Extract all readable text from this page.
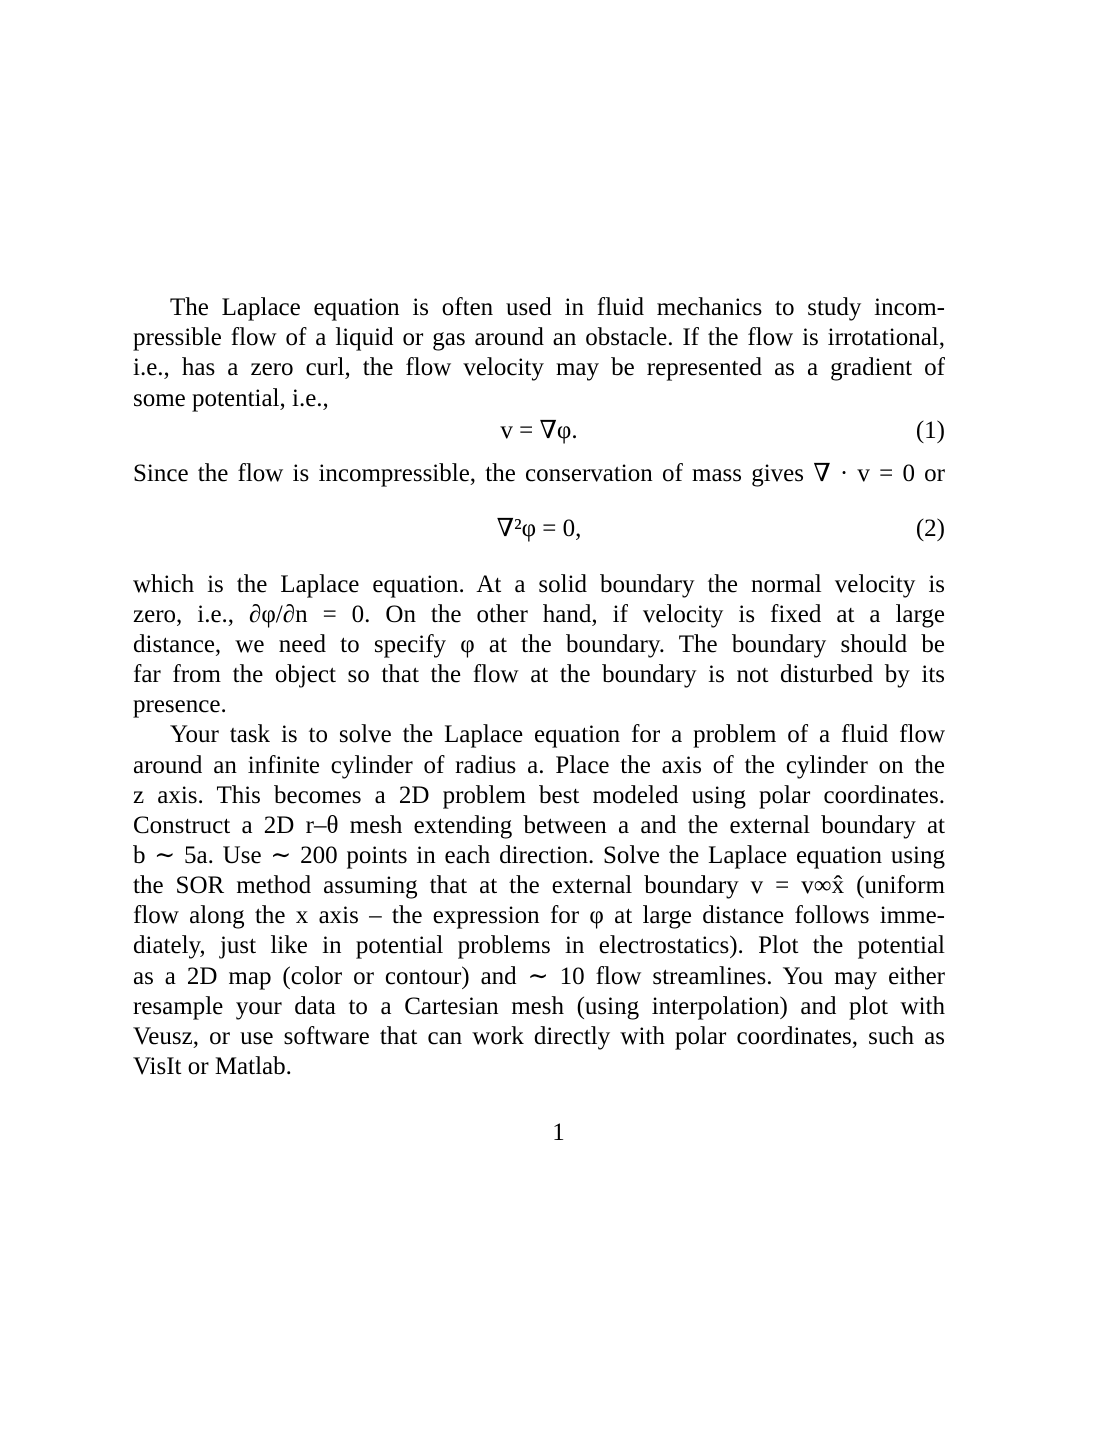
The Laplace equation is often used in fluid mechanics to study incom-
pressible flow of a liquid or gas around an obstacle. If the flow is irrotational,
i.e., has a zero curl, the flow velocity may be represented as a gradient of
some potential, i.e.,
v = ∇φ.	(1)
Since the flow is incompressible, the conservation of mass gives ∇ · v = 0 or
∇²φ = 0,	(2)
which is the Laplace equation. At a solid boundary the normal velocity is
zero, i.e., ∂φ/∂n = 0. On the other hand, if velocity is fixed at a large
distance, we need to specify φ at the boundary. The boundary should be
far from the object so that the flow at the boundary is not disturbed by its
presence.
Your task is to solve the Laplace equation for a problem of a fluid flow
around an infinite cylinder of radius a. Place the axis of the cylinder on the
z axis. This becomes a 2D problem best modeled using polar coordinates.
Construct a 2D r–θ mesh extending between a and the external boundary at
b ∼ 5a. Use ∼ 200 points in each direction. Solve the Laplace equation using
the SOR method assuming that at the external boundary v = v∞x̂ (uniform
flow along the x axis – the expression for φ at large distance follows imme-
diately, just like in potential problems in electrostatics). Plot the potential
as a 2D map (color or contour) and ∼ 10 flow streamlines. You may either
resample your data to a Cartesian mesh (using interpolation) and plot with
Veusz, or use software that can work directly with polar coordinates, such as
VisIt or Matlab.
1
